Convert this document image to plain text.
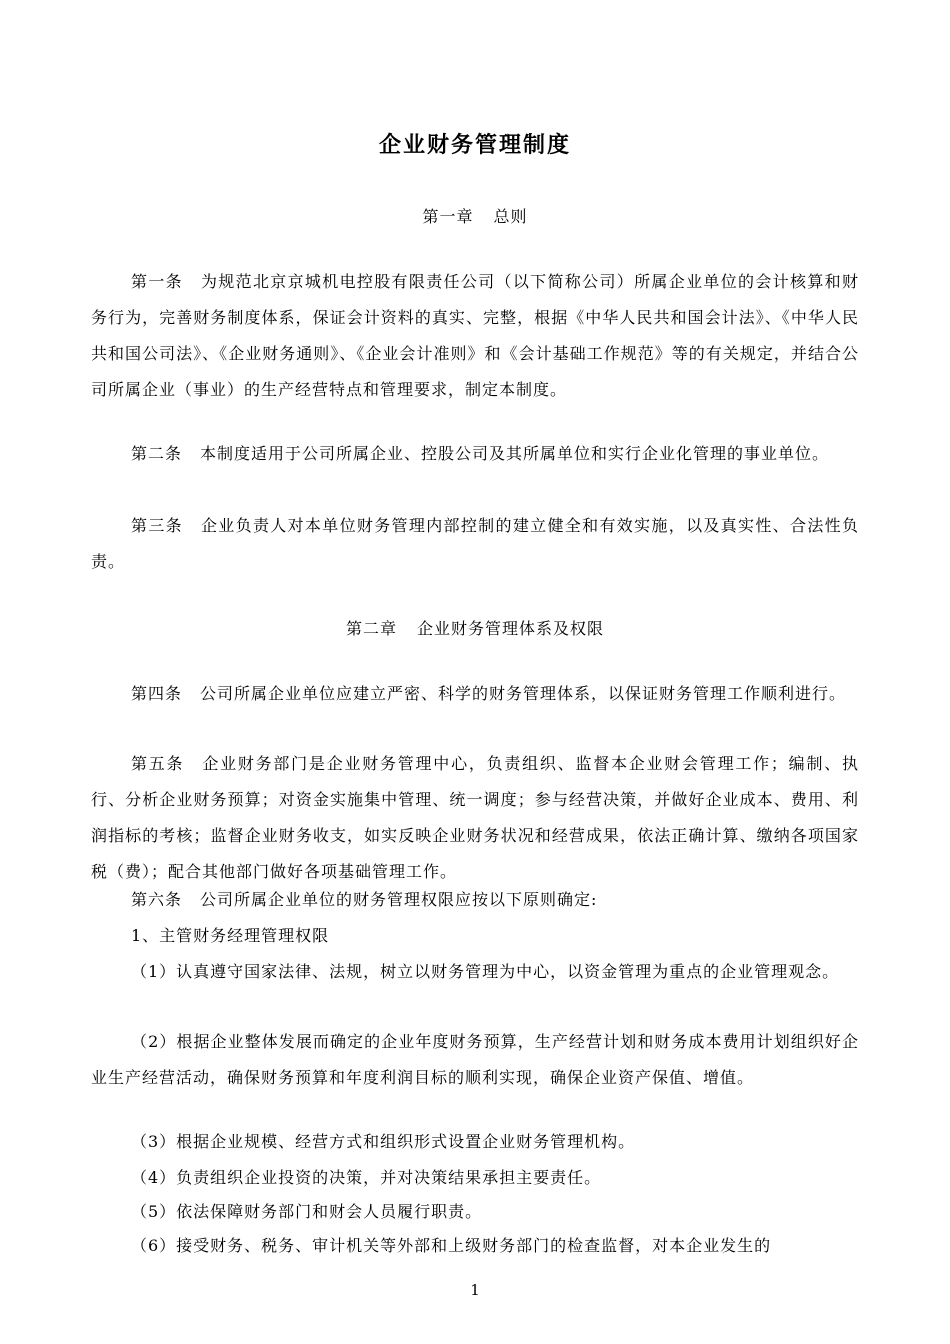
企业财务管理制度
第一章 总则

第一条 为规范北京京城机电控股有限责任公司（以下简称公司）所属企业单位的会计核算和财务行为，完善财务制度体系，保证会计资料的真实、完整，根据《中华人民共和国会计法》、《中华人民共和国公司法》、《企业财务通则》、《企业会计准则》和《会计基础工作规范》等的有关规定，并结合公司所属企业（事业）的生产经营特点和管理要求，制定本制度。

第二条 本制度适用于公司所属企业、控股公司及其所属单位和实行企业化管理的事业单位。

第三条 企业负责人对本单位财务管理内部控制的建立健全和有效实施，以及真实性、合法性负责。

第二章 企业财务管理体系及权限

第四条 公司所属企业单位应建立严密、科学的财务管理体系，以保证财务管理工作顺利进行。

第五条 企业财务部门是企业财务管理中心，负责组织、监督本企业财会管理工作；编制、执行、分析企业财务预算；对资金实施集中管理、统一调度；参与经营决策，并做好企业成本、费用、利润指标的考核；监督企业财务收支，如实反映企业财务状况和经营成果，依法正确计算、缴纳各项国家税（费）；配合其他部门做好各项基础管理工作。

第六条 公司所属企业单位的财务管理权限应按以下原则确定:

1、主管财务经理管理权限

（1）认真遵守国家法律、法规，树立以财务管理为中心，以资金管理为重点的企业管理观念。

（2）根据企业整体发展而确定的企业年度财务预算，生产经营计划和财务成本费用计划组织好企业生产经营活动，确保财务预算和年度利润目标的顺利实现，确保企业资产保值、增值。

（3）根据企业规模、经营方式和组织形式设置企业财务管理机构。

（4）负责组织企业投资的决策，并对决策结果承担主要责任。

（5）依法保障财务部门和财会人员履行职责。

（6）接受财务、税务、审计机关等外部和上级财务部门的检查监督，对本企业发生的

1
